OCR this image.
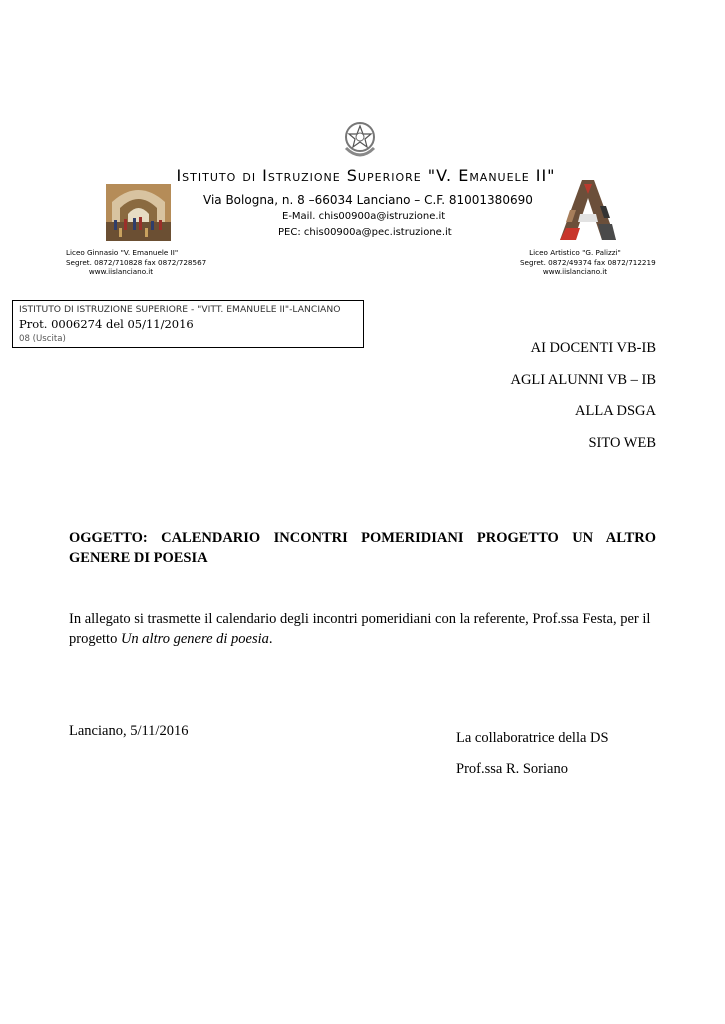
Istituto di Istruzione Superiore "V. Emanuele II"
Via Bologna, n. 8 –66034 Lanciano – C.F. 81001380690
E-Mail. chis00900a@istruzione.it
PEC: chis00900a@pec.istruzione.it
Liceo Ginnasio "V. Emanuele II"
Segret. 0872/710828 fax 0872/728567
www.iislanciano.it
Liceo Artistico "G. Palizzi"
Segret. 0872/49374 fax 0872/712219
www.iislanciano.it
ISTITUTO DI ISTRUZIONE SUPERIORE - "VITT. EMANUELE II"-LANCIANO
Prot. 0006274 del 05/11/2016
08 (Uscita)
AI DOCENTI VB-IB
AGLI ALUNNI VB – IB
ALLA DSGA
SITO WEB
OGGETTO: CALENDARIO INCONTRI POMERIDIANI PROGETTO UN ALTRO
GENERE DI POESIA
In allegato si trasmette il calendario degli incontri pomeridiani con la referente, Prof.ssa Festa, per il progetto Un altro genere di poesia.
Lanciano, 5/11/2016	La collaboratrice della DS
Prof.ssa R. Soriano
